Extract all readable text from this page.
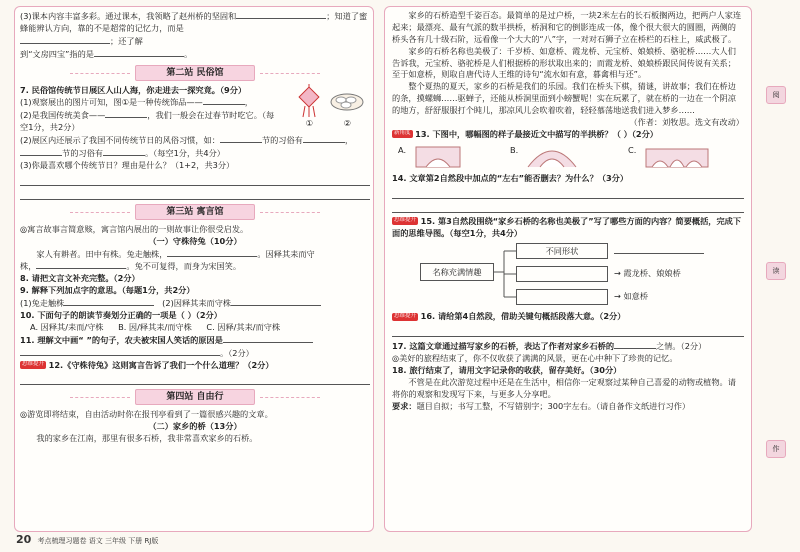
(3)课本内容丰富多彩。通过课本，我领略了赵州桥的坚固和	；知道了蜜蜂能辨认方向，靠的不是超常的记忆力，而是
；还了解
到“文房四宝”指的是	。
第二站 民俗馆
7. 民俗馆传统节日展区人山人海，你走进去一探究竟。（9分）
(1)观察展出的图片可知，图①是一种传统饰品——	，
(2)是我国传统美食——	，我们一般会在过春节时吃它。（每空1分，共2分）	①	②
(2)展区内还展示了我国不同传统节日的风俗习惯，如：	节的习俗有	，
节的习俗有	。（每空1分，共4分）
(3)你最喜欢哪个传统节日？理由是什么？（1+2，共3分）
第三站 寓言馆
◎寓言故事言简意赅，寓言馆内展出的一则故事让你很受启发。
（一）守株待兔（10分）
家人有耕者。田中有株。兔走触株，	。因释其耒而守
株，	。兔不可复得，而身为宋国笑。
8. 请把文言文补充完整。（2分）
9. 解释下列加点字的意思。（每题1分，共2分）
(1)兔走触株	(2)因释其耒而守株
10. 下面句子的朗读节奏划分正确的一项是（ ）（2分）
A. 因释其/耒而/守株 B. 因/释其耒/而守株 C. 因释/其耒/而守株
11. 理解文中画“ ”的句子，农夫被宋国人笑话的原因是
。（2分）
思维提升 12.《守株待兔》这则寓言告诉了我们一个什么道理？（2分）
第四站 自由行
◎游览即将结束，自由活动时你在报刊亭看到了一篇很感兴趣的文章。
（二）家乡的桥（13分）
我的家乡在江南，那里有很多石桥，我非常喜欢家乡的石桥。
20 考点梳理习题卷 语文 三年级 下册 RJ版
家乡的石桥造型千姿百态。最简单的是过户桥，一块2米左右的长石板搁两边，把两户人家连起来；最漂亮、最有气派的数半拱桥，桥洞和它的倒影连成一体，像个很大很大的圆圈，两侧的桥头各有几十级石阶，远看像一个大大的“八”字，一对对石狮子立在桥栏的石柱上，威武极了。
家乡的石桥名称也美极了：千岁桥、如意桥、霞龙桥、元宝桥、娘娘桥、骆驼桥……大人们告诉我，元宝桥、骆驼桥是人们根据桥的形状取出来的；而霞龙桥、娘娘桥跟民间传说有关系；至于如意桥，则取自唐代诗人王维的诗句“流水如有意，暮禽相与还”。
整个夏热的夏天，家乡的石桥是我们的乐园。我们在桥头下棋，猜谜，讲故事；我们在桥边的条，摸螺蛳……驱蝉子，还能从桥洞里面到小螃蟹呢！实在玩累了，就在桥的一边在一个阴凉的地方，舒舒服服打个盹儿，那凉风儿会吹着吹着，轻轻慕荡地送我们进入梦乡……
（作者：刘牧思。选文有改动）
新角度 13. 下图中，哪幅图的样子最接近文中描写的半拱桥？（ ）（2分）
A.	B.	C.
14. 文章第2自然段中加点的“左右”能否删去？为什么？（3分）
思维提升 15. 第3自然段围绕“家乡石桥的名称也美极了”写了哪些方面的内容？简要概括，完成下面的思维导图。（每空1分，共4分）
名称充满情趣
不同形状
→ 霞龙桥、娘娘桥
→ 如意桥
思维提升 16. 请给第4自然段，借助关键句概括段落大意。（2分）
17. 这篇文章通过描写家乡的石桥，表达了作者对家乡石桥的	之情。（2分）
◎美好的旅程结束了，你不仅收获了满满的风景，更在心中种下了珍贵的记忆。
18. 旅行结束了，请用文字记录你的收获，留存美好。（30分）
不管是在此次游览过程中还是在生活中，相信你一定观察过某种自己喜爱的动物或植物。请将你的观察和发现写下来，与更多人分享吧。
要求：题目自拟；书写工整，不写错别字；300字左右。（请自备作文纸进行习作）
阅
读
作
